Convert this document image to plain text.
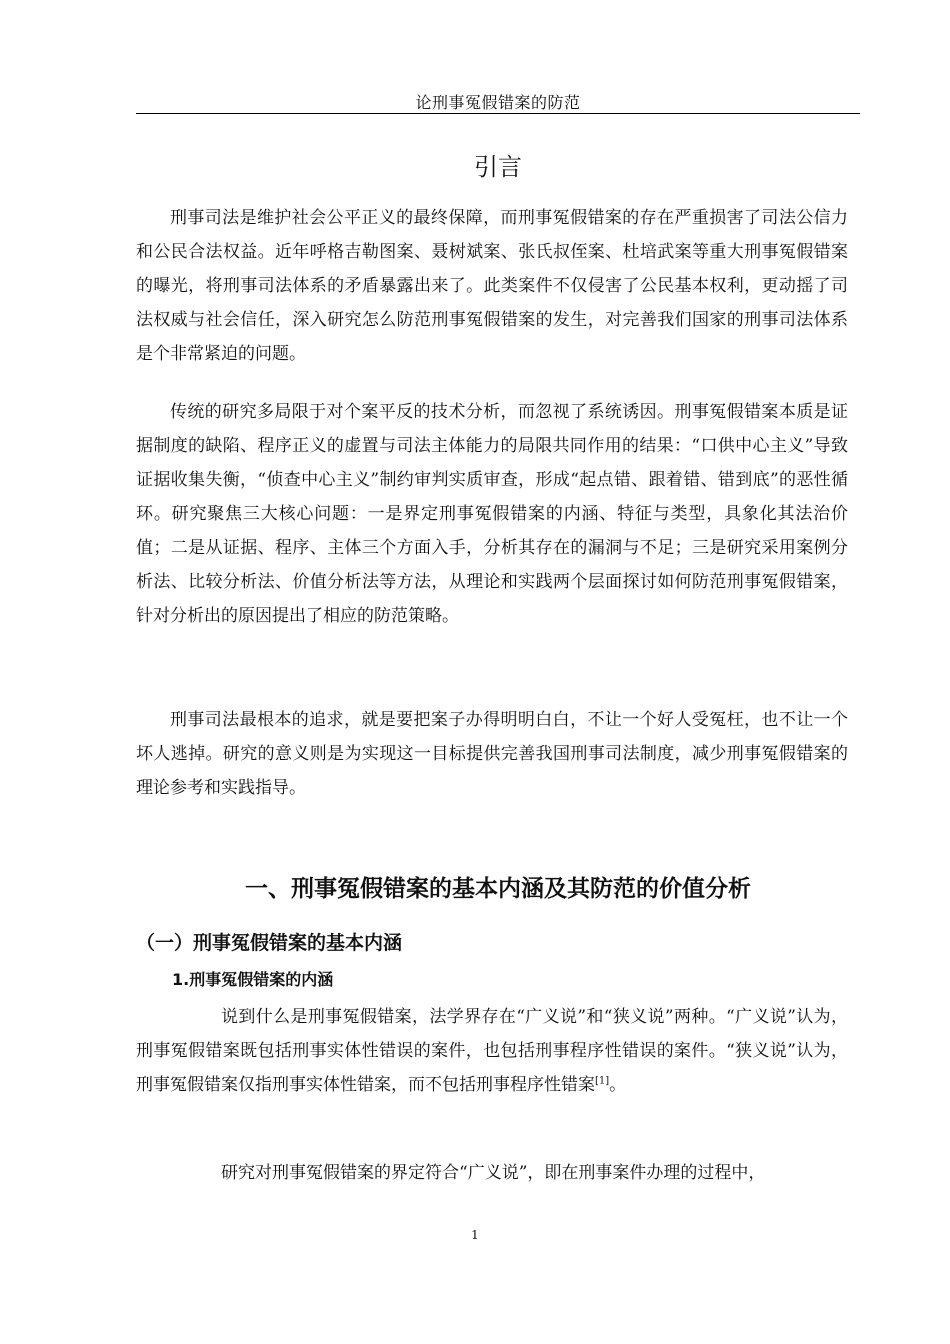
论刑事冤假错案的防范
引言

刑事司法是维护社会公平正义的最终保障，而刑事冤假错案的存在严重损害了司法公信力和公民合法权益。近年呼格吉勒图案、聂树斌案、张氏叔侄案、杜培武案等重大刑事冤假错案的曝光，将刑事司法体系的矛盾暴露出来了。此类案件不仅侵害了公民基本权利，更动摇了司法权威与社会信任，深入研究怎么防范刑事冤假错案的发生，对完善我们国家的刑事司法体系是个非常紧迫的问题。

传统的研究多局限于对个案平反的技术分析，而忽视了系统诱因。刑事冤假错案本质是证据制度的缺陷、程序正义的虚置与司法主体能力的局限共同作用的结果：“口供中心主义”导致证据收集失衡，“侦查中心主义”制约审判实质审查，形成“起点错、跟着错、错到底”的恶性循环。研究聚焦三大核心问题：一是界定刑事冤假错案的内涵、特征与类型，具象化其法治价值；二是从证据、程序、主体三个方面入手，分析其存在的漏洞与不足；三是研究采用案例分析法、比较分析法、价值分析法等方法，从理论和实践两个层面探讨如何防范刑事冤假错案，针对分析出的原因提出了相应的防范策略。

刑事司法最根本的追求，就是要把案子办得明明白白，不让一个好人受冤枉，也不让一个坏人逃掉。研究的意义则是为实现这一目标提供完善我国刑事司法制度，减少刑事冤假错案的理论参考和实践指导。

一、刑事冤假错案的基本内涵及其防范的价值分析
（一）刑事冤假错案的基本内涵
1.刑事冤假错案的内涵

说到什么是刑事冤假错案，法学界存在“广义说”和“狭义说”两种。“广义说”认为，刑事冤假错案既包括刑事实体性错误的案件，也包括刑事程序性错误的案件。“狭义说”认为，刑事冤假错案仅指刑事实体性错案，而不包括刑事程序性错案[1]。

研究对刑事冤假错案的界定符合“广义说”，即在刑事案件办理的过程中，

1
